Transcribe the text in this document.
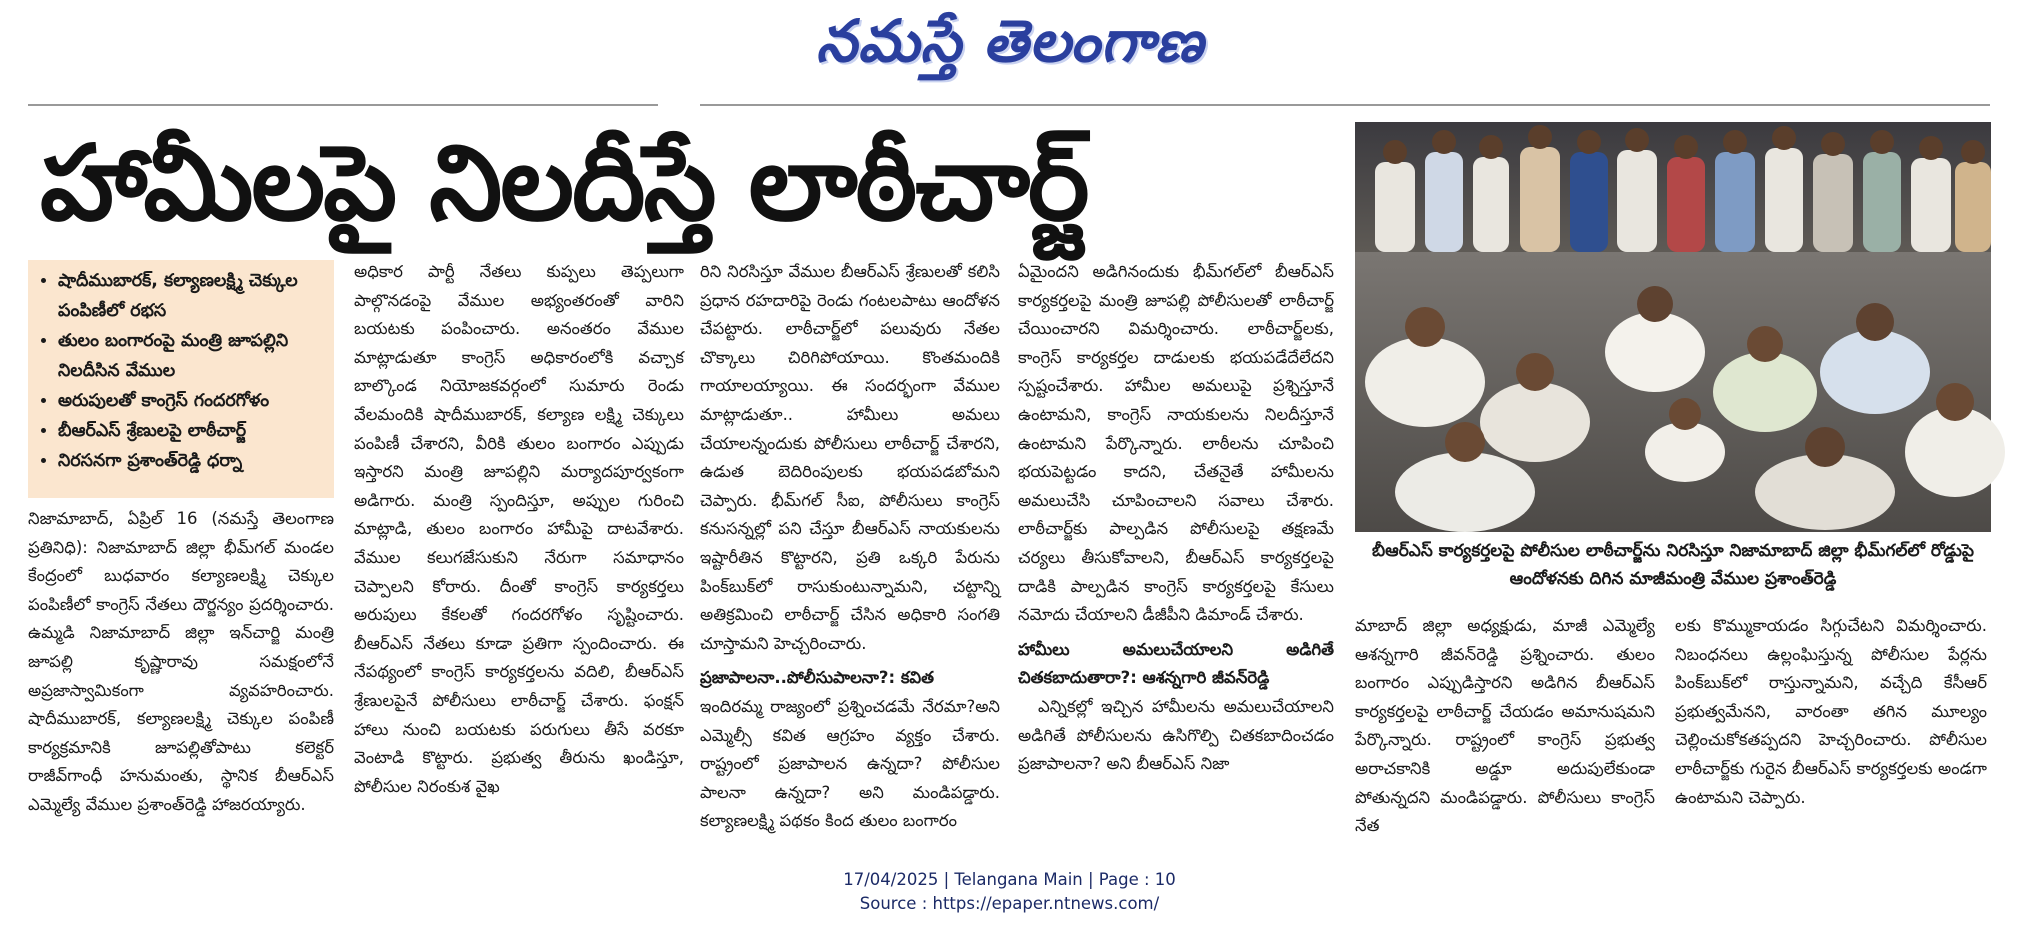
నమస్తే తెలంగాణ
హామీలపై నిలదీస్తే లాఠీచార్జ్‌
• షాదీముబారక్, కల్యాణలక్ష్మి చెక్కుల పంపిణీలో రభస
• తులం బంగారంపై మంత్రి జూపల్లిని నిలదీసిన వేముల
• అరుపులతో కాంగ్రెస్ గందరగోళం
• బీఆర్ఎస్ శ్రేణులపై లాఠీచార్జ్
• నిరసనగా ప్రశాంత్‌రెడ్డి ధర్నా

నిజామాబాద్, ఏప్రిల్ 16 (నమస్తే తెలంగాణ ప్రతినిధి): నిజామాబాద్ జిల్లా భీమ్‌గల్ మండల కేంద్రంలో బుధవారం కల్యాణలక్ష్మి చెక్కుల పంపిణీలో కాంగ్రెస్ నేతలు దౌర్జన్యం ప్రదర్శించారు. ఉమ్మడి నిజామాబాద్ జిల్లా ఇన్‌చార్జి మంత్రి జూపల్లి కృష్ణారావు సమక్షంలోనే అప్రజాస్వామికంగా వ్యవహరించారు. షాదీముబారక్, కల్యాణలక్ష్మి చెక్కుల పంపిణీ కార్యక్రమానికి జూపల్లితోపాటు కలెక్టర్ రాజీవ్‌గాంధీ హనుమంతు, స్థానిక బీఆర్ఎస్ ఎమ్మెల్యే వేముల ప్రశాంత్‌రెడ్డి హాజరయ్యారు.

అధికార పార్టీ నేతలు కుప్పలు తెప్పలుగా పాల్గొనడంపై వేముల అభ్యంతరంతో వారిని బయటకు పంపించారు. అనంతరం వేముల మాట్లాడుతూ కాంగ్రెస్ అధికారంలోకి వచ్చాక బాల్కొండ నియోజకవర్గంలో సుమారు రెండు వేలమందికి షాదీముబారక్, కల్యాణ లక్ష్మి చెక్కులు పంపిణీ చేశారని, వీరికి తులం బంగారం ఎప్పుడు ఇస్తారని మంత్రి జూపల్లిని మర్యాదపూర్వకంగా అడిగారు. మంత్రి స్పందిస్తూ, అప్పుల గురించి మాట్లాడి, తులం బంగారం హామీపై దాటవేశారు. వేముల కలుగజేసుకుని నేరుగా సమాధానం చెప్పాలని కోరారు. దీంతో కాంగ్రెస్ కార్యకర్తలు అరుపులు కేకలతో గందరగోళం సృష్టించారు. బీఆర్ఎస్ నేతలు కూడా ప్రతిగా స్పందించారు. ఈ నేపథ్యంలో కాంగ్రెస్ కార్యకర్తలను వదిలి, బీఆర్ఎస్ శ్రేణులపైనే పోలీసులు లాఠీచార్జ్ చేశారు. ఫంక్షన్ హాలు నుంచి బయటకు పరుగులు తీసే వరకూ వెంటాడి కొట్టారు. ప్రభుత్వ తీరును ఖండిస్తూ, పోలీసుల నిరంకుశ వైఖ

రిని నిరసిస్తూ వేముల బీఆర్ఎస్ శ్రేణులతో కలిసి ప్రధాన రహదారిపై రెండు గంటలపాటు ఆందోళన చేపట్టారు. లాఠీచార్జ్‌లో పలువురు నేతల చొక్కాలు చిరిగిపోయాయి. కొంతమందికి గాయాలయ్యాయి. ఈ సందర్భంగా వేముల మాట్లాడుతూ.. హామీలు అమలు చేయాలన్నందుకు పోలీసులు లాఠీచార్జ్ చేశారని, ఉడుత బెదిరింపులకు భయపడబోమని చెప్పారు. భీమ్‌గల్ సీఐ, పోలీసులు కాంగ్రెస్ కనుసన్నల్లో పని చేస్తూ బీఆర్ఎస్ నాయకులను ఇష్టారీతిన కొట్టారని, ప్రతి ఒక్కరి పేరును పింక్‌బుక్‌లో రాసుకుంటున్నామని, చట్టాన్ని అతిక్రమించి లాఠీచార్జ్ చేసిన అధికారి సంగతి చూస్తామని హెచ్చరించారు.

ప్రజాపాలనా..పోలీసుపాలనా?: కవిత

ఇందిరమ్మ రాజ్యంలో ప్రశ్నించడమే నేరమా?అని ఎమ్మెల్సీ కవిత ఆగ్రహం వ్యక్తం చేశారు. రాష్ట్రంలో ప్రజాపాలన ఉన్నదా? పోలీసుల పాలనా ఉన్నదా? అని మండిపడ్డారు. కల్యాణలక్ష్మి పథకం కింద తులం బంగారం

ఏమైందని అడిగినందుకు భీమ్‌గల్‌లో బీఆర్ఎస్ కార్యకర్తలపై మంత్రి జూపల్లి పోలీసులతో లాఠీచార్జ్ చేయించారని విమర్శించారు. లాఠీచార్జ్‌లకు, కాంగ్రెస్ కార్యకర్తల దాడులకు భయపడేదేలేదని స్పష్టంచేశారు. హామీల అమలుపై ప్రశ్నిస్తూనే ఉంటామని, కాంగ్రెస్ నాయకులను నిలదీస్తూనే ఉంటామని పేర్కొన్నారు. లాఠీలను చూపించి భయపెట్టడం కాదని, చేతనైతే హామీలను అమలుచేసి చూపించాలని సవాలు చేశారు. లాఠీచార్జ్‌కు పాల్పడిన పోలీసులపై తక్షణమే చర్యలు తీసుకోవాలని, బీఆర్ఎస్ కార్యకర్తలపై దాడికి పాల్పడిన కాంగ్రెస్ కార్యకర్తలపై కేసులు నమోదు చేయాలని డీజీపీని డిమాండ్ చేశారు.

హామీలు అమలుచేయాలని అడిగితే చితకబాదుతారా?: ఆశన్నగారి జీవన్‌రెడ్డి

ఎన్నికల్లో ఇచ్చిన హామీలను అమలుచేయాలని అడిగితే పోలీసులను ఉసిగొల్పి చితకబాదించడం ప్రజాపాలనా? అని బీఆర్ఎస్ నిజా

బీఆర్ఎస్ కార్యకర్తలపై పోలీసుల లాఠీచార్జ్‌ను నిరసిస్తూ నిజామాబాద్ జిల్లా భీమ్‌గల్‌లో రోడ్డుపై ఆందోళనకు దిగిన మాజీమంత్రి వేముల ప్రశాంత్‌రెడ్డి

మాబాద్ జిల్లా అధ్యక్షుడు, మాజీ ఎమ్మెల్యే ఆశన్నగారి జీవన్‌రెడ్డి ప్రశ్నించారు. తులం బంగారం ఎప్పుడిస్తారని అడిగిన బీఆర్ఎస్ కార్యకర్తలపై లాఠీచార్జ్ చేయడం అమానుషమని పేర్కొన్నారు. రాష్ట్రంలో కాంగ్రెస్ ప్రభుత్వ అరాచకానికి అడ్డూ అదుపులేకుండా పోతున్నదని మండిపడ్డారు. పోలీసులు కాంగ్రెస్ నేత

లకు కొమ్ముకాయడం సిగ్గుచేటని విమర్శించారు. నిబంధనలు ఉల్లంఘిస్తున్న పోలీసుల పేర్లను పింక్‌బుక్‌లో రాస్తున్నామని, వచ్చేది కేసీఆర్ ప్రభుత్వమేనని, వారంతా తగిన మూల్యం చెల్లించుకోకతప్పదని హెచ్చరించారు. పోలీసుల లాఠీచార్జ్‌కు గురైన బీఆర్ఎస్ కార్యకర్తలకు అండగా ఉంటామని చెప్పారు.

17/04/2025 | Telangana Main | Page : 10
Source : https://epaper.ntnews.com/
